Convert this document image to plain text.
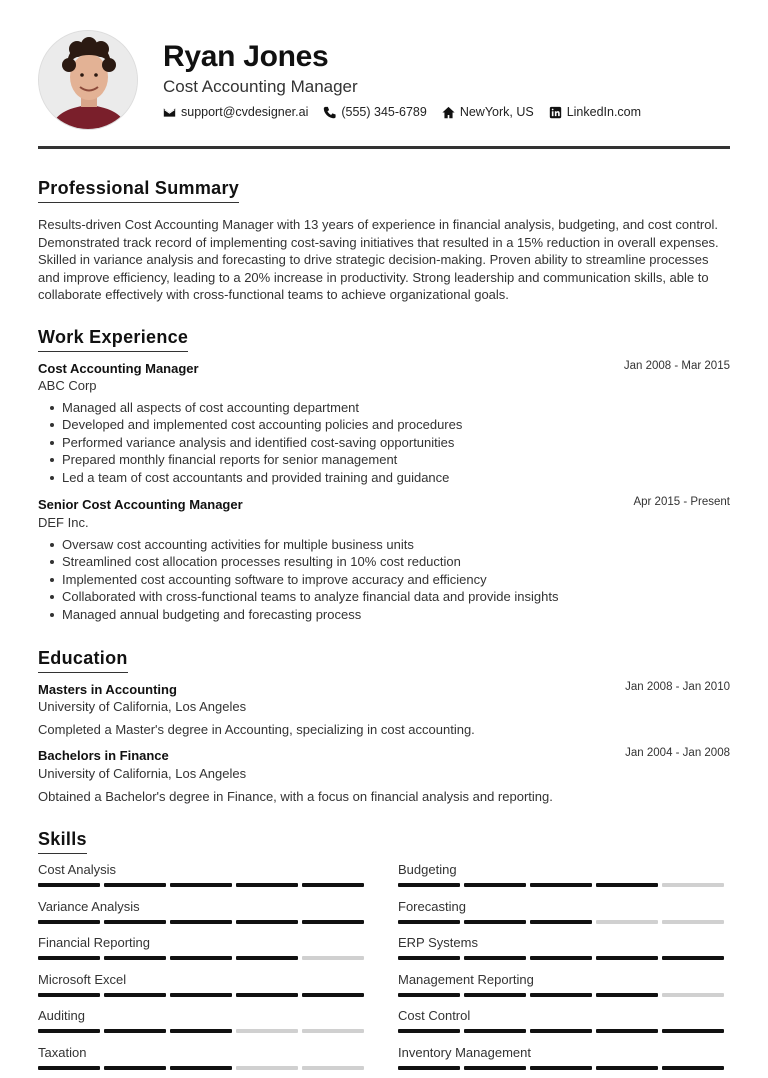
Ryan Jones
Cost Accounting Manager
support@cvdesigner.ai	(555) 345-6789	NewYork, US	LinkedIn.com
Professional Summary
Results-driven Cost Accounting Manager with 13 years of experience in financial analysis, budgeting, and cost control. Demonstrated track record of implementing cost-saving initiatives that resulted in a 15% reduction in overall expenses. Skilled in variance analysis and forecasting to drive strategic decision-making. Proven ability to streamline processes and improve efficiency, leading to a 20% increase in productivity. Strong leadership and communication skills, able to collaborate effectively with cross-functional teams to achieve organizational goals.
Work Experience
Cost Accounting Manager	Jan 2008 - Mar 2015
ABC Corp
Managed all aspects of cost accounting department
Developed and implemented cost accounting policies and procedures
Performed variance analysis and identified cost-saving opportunities
Prepared monthly financial reports for senior management
Led a team of cost accountants and provided training and guidance
Senior Cost Accounting Manager	Apr 2015 - Present
DEF Inc.
Oversaw cost accounting activities for multiple business units
Streamlined cost allocation processes resulting in 10% cost reduction
Implemented cost accounting software to improve accuracy and efficiency
Collaborated with cross-functional teams to analyze financial data and provide insights
Managed annual budgeting and forecasting process
Education
Masters in Accounting	Jan 2008 - Jan 2010
University of California, Los Angeles
Completed a Master's degree in Accounting, specializing in cost accounting.
Bachelors in Finance	Jan 2004 - Jan 2008
University of California, Los Angeles
Obtained a Bachelor's degree in Finance, with a focus on financial analysis and reporting.
Skills
Cost Analysis	Budgeting
Variance Analysis	Forecasting
Financial Reporting	ERP Systems
Microsoft Excel	Management Reporting
Auditing	Cost Control
Taxation	Inventory Management
